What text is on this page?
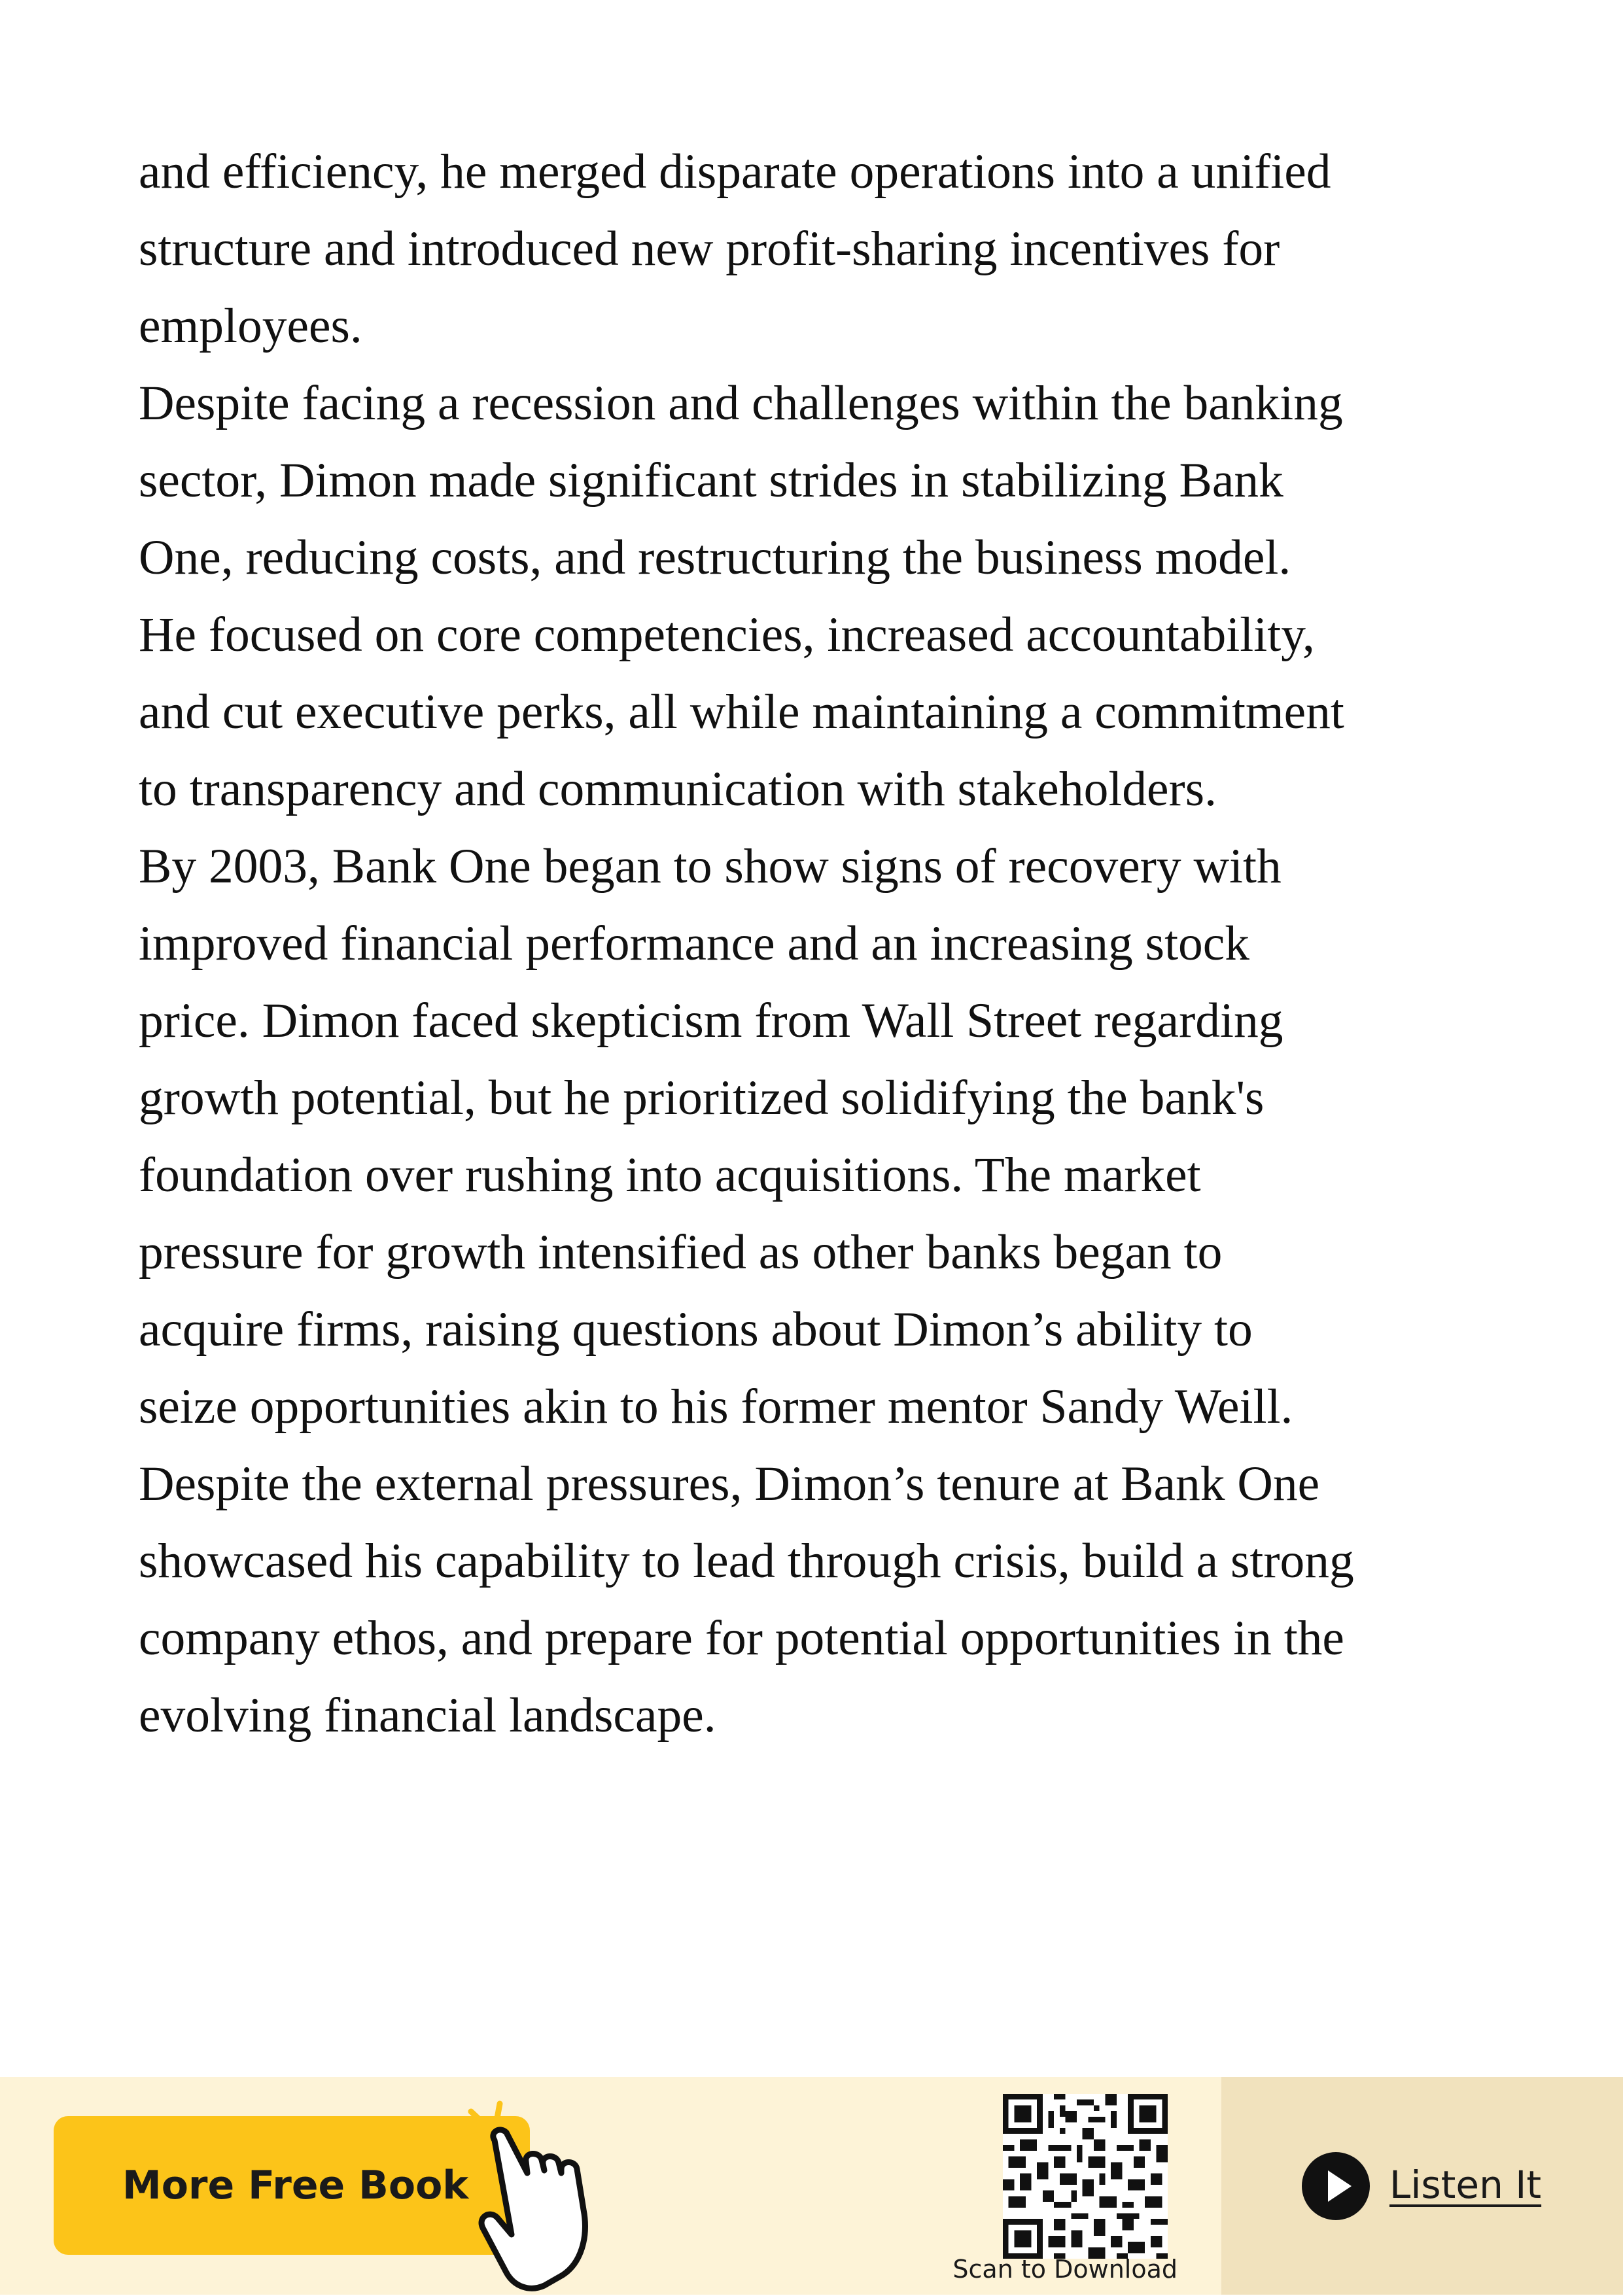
and efficiency, he merged disparate operations into a unified
structure and introduced new profit-sharing incentives for
employees.
Despite facing a recession and challenges within the banking
sector, Dimon made significant strides in stabilizing Bank
One, reducing costs, and restructuring the business model.
He focused on core competencies, increased accountability,
and cut executive perks, all while maintaining a commitment
to transparency and communication with stakeholders.
By 2003, Bank One began to show signs of recovery with
improved financial performance and an increasing stock
price. Dimon faced skepticism from Wall Street regarding
growth potential, but he prioritized solidifying the bank's
foundation over rushing into acquisitions. The market
pressure for growth intensified as other banks began to
acquire firms, raising questions about Dimon’s ability to
seize opportunities akin to his former mentor Sandy Weill.
Despite the external pressures, Dimon’s tenure at Bank One
showcased his capability to lead through crisis, build a strong
company ethos, and prepare for potential opportunities in the
evolving financial landscape.
More Free Book
Scan to Download
Listen It
